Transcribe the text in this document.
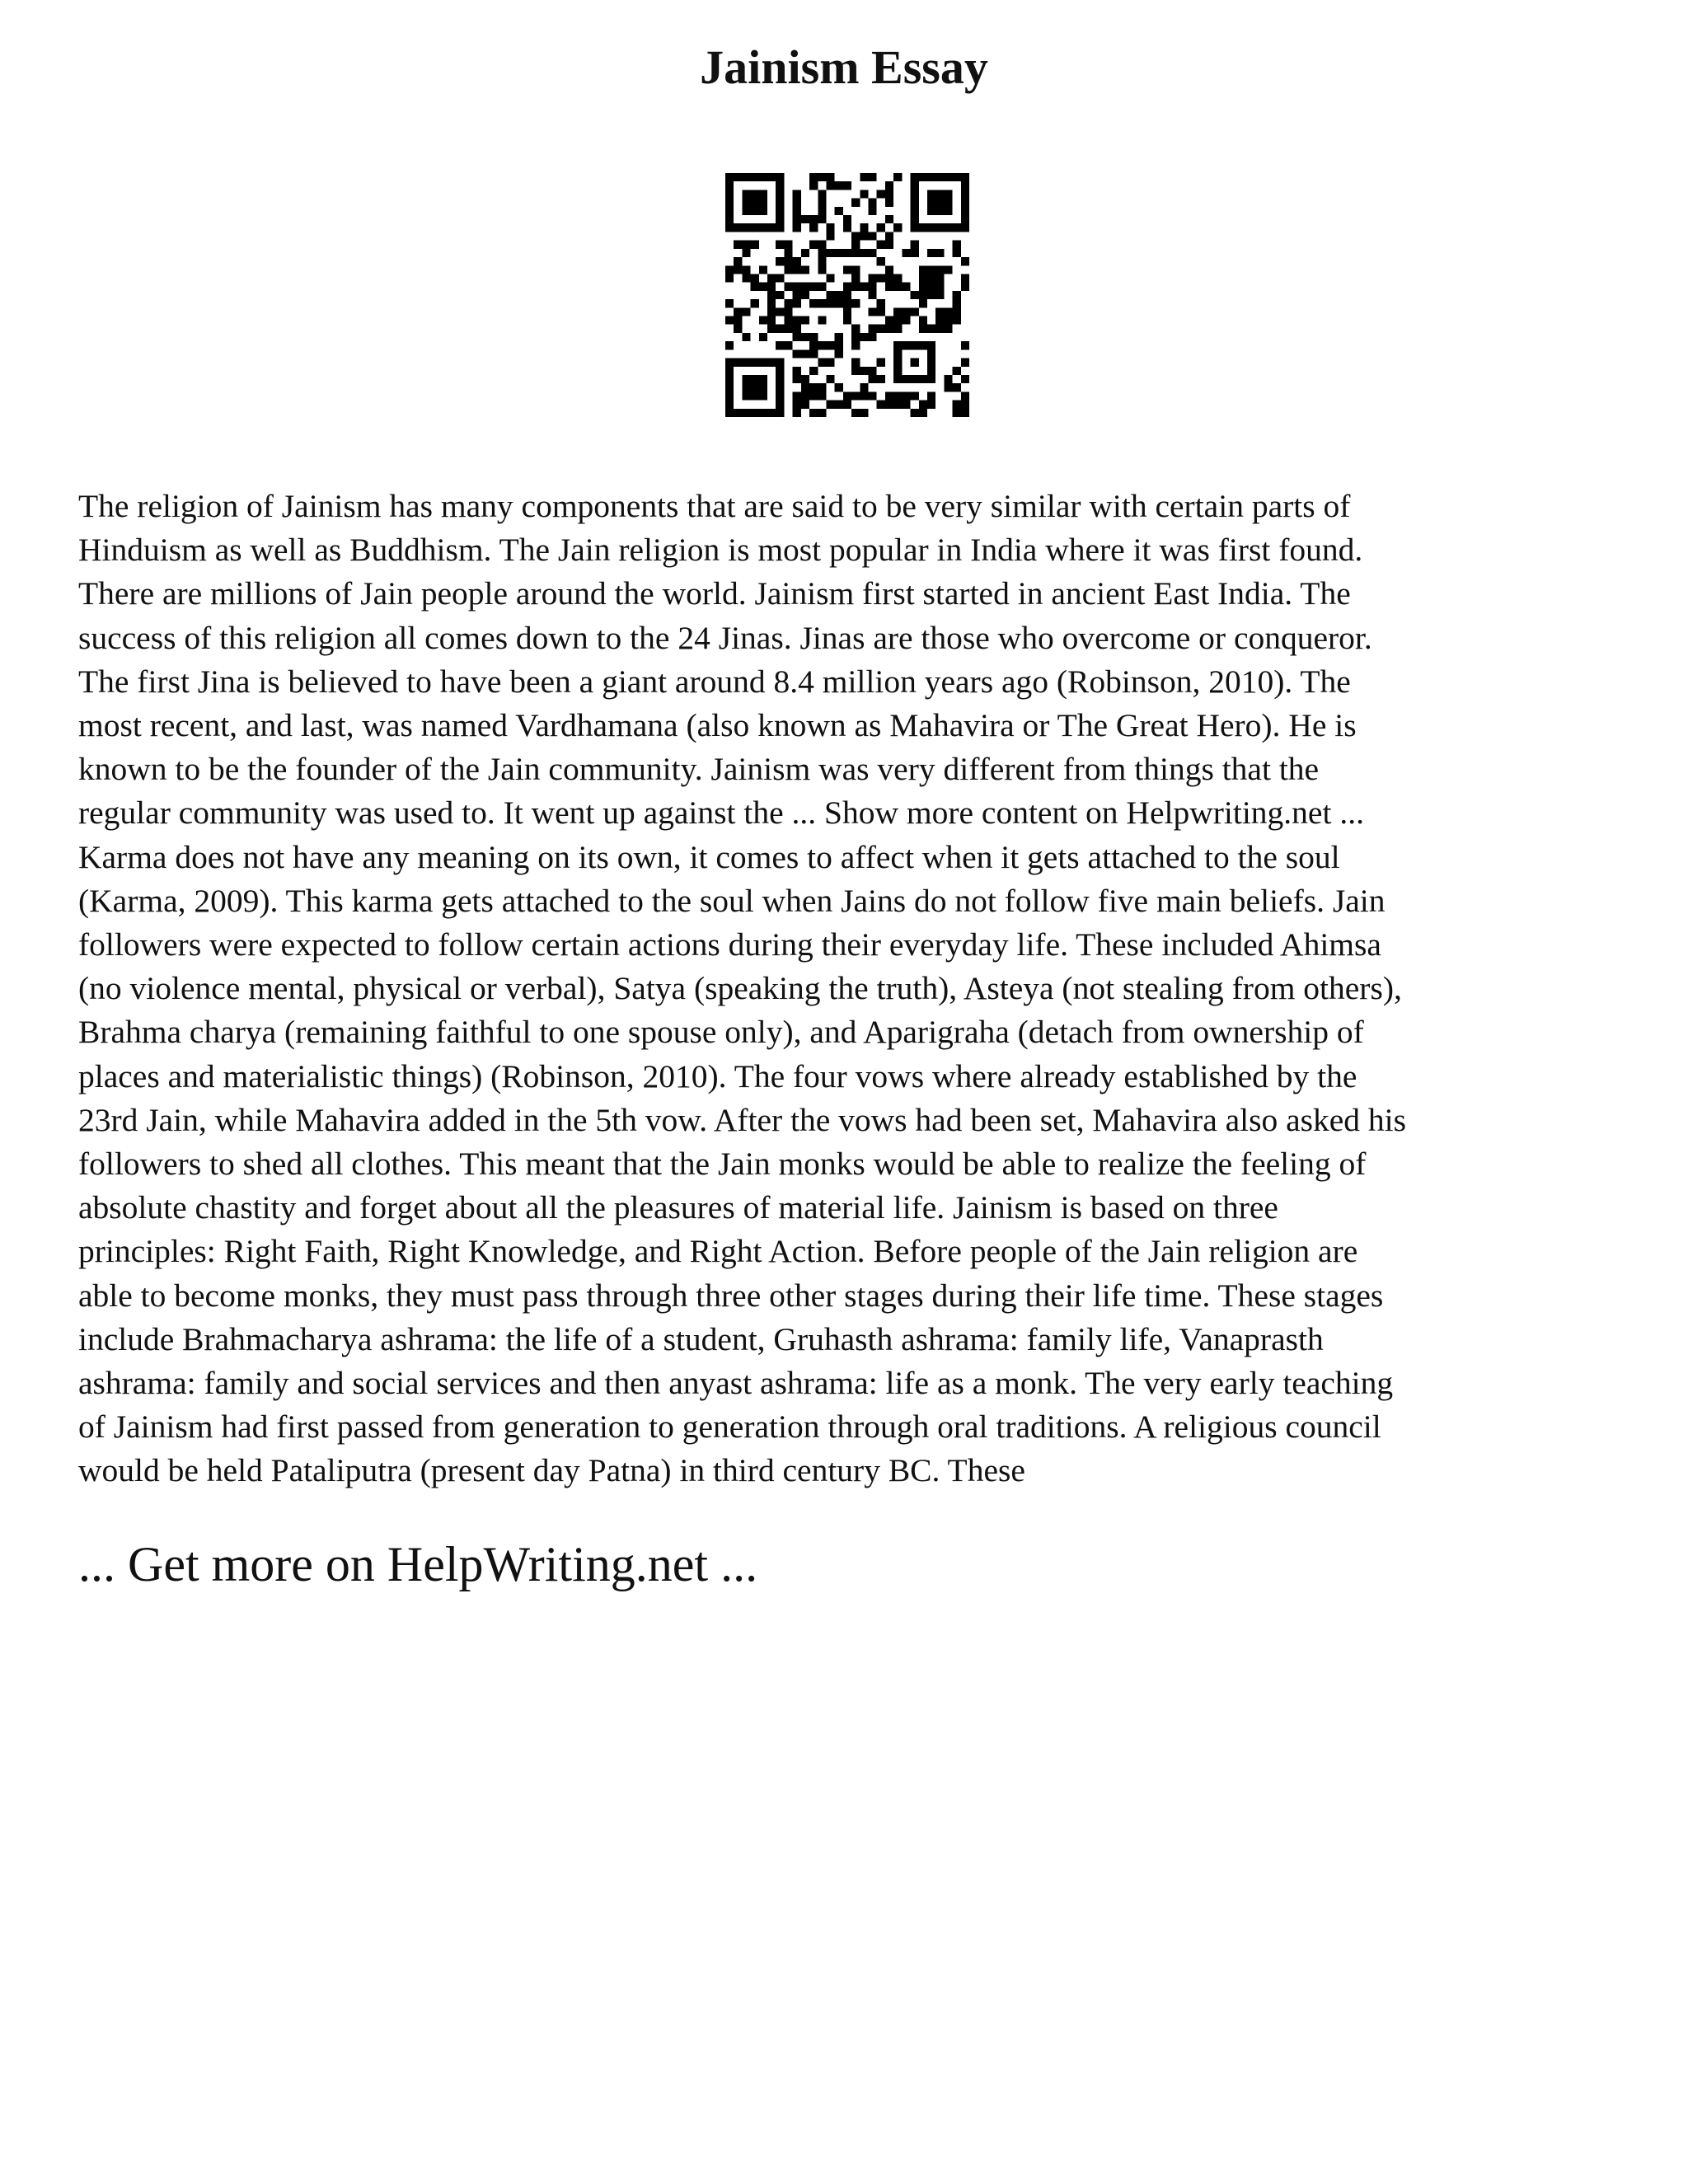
Jainism Essay
The religion of Jainism has many components that are said to be very similar with certain parts of
Hinduism as well as Buddhism. The Jain religion is most popular in India where it was first found.
There are millions of Jain people around the world. Jainism first started in ancient East India. The
success of this religion all comes down to the 24 Jinas. Jinas are those who overcome or conqueror.
The first Jina is believed to have been a giant around 8.4 million years ago (Robinson, 2010). The
most recent, and last, was named Vardhamana (also known as Mahavira or The Great Hero). He is
known to be the founder of the Jain community. Jainism was very different from things that the
regular community was used to. It went up against the ... Show more content on Helpwriting.net ...
Karma does not have any meaning on its own, it comes to affect when it gets attached to the soul
(Karma, 2009). This karma gets attached to the soul when Jains do not follow five main beliefs. Jain
followers were expected to follow certain actions during their everyday life. These included Ahimsa
(no violence mental, physical or verbal), Satya (speaking the truth), Asteya (not stealing from others),
Brahma charya (remaining faithful to one spouse only), and Aparigraha (detach from ownership of
places and materialistic things) (Robinson, 2010). The four vows where already established by the
23rd Jain, while Mahavira added in the 5th vow. After the vows had been set, Mahavira also asked his
followers to shed all clothes. This meant that the Jain monks would be able to realize the feeling of
absolute chastity and forget about all the pleasures of material life. Jainism is based on three
principles: Right Faith, Right Knowledge, and Right Action. Before people of the Jain religion are
able to become monks, they must pass through three other stages during their life time. These stages
include Brahmacharya ashrama: the life of a student, Gruhasth ashrama: family life, Vanaprasth
ashrama: family and social services and then anyast ashrama: life as a monk. The very early teaching
of Jainism had first passed from generation to generation through oral traditions. A religious council
would be held Pataliputra (present day Patna) in third century BC. These

... Get more on HelpWriting.net ...
